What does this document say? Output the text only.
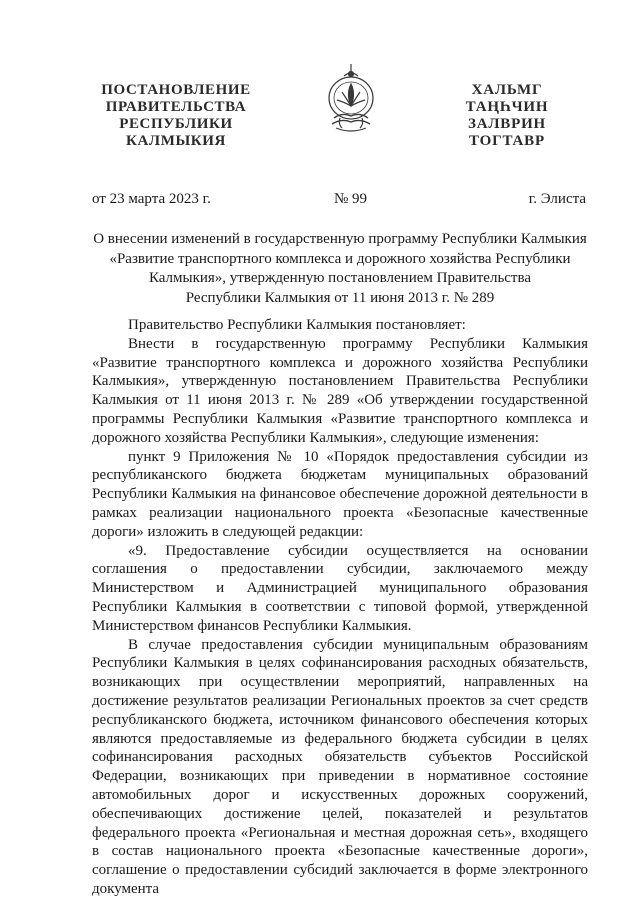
ПОСТАНОВЛЕНИЕ
ПРАВИТЕЛЬСТВА
РЕСПУБЛИКИ
КАЛМЫКИЯ
ХАЛЬМГ
ТАҢҺЧИН
ЗАЛВРИН
ТОГТАВР
от 23 марта 2023 г.	№ 99	г. Элиста
О внесении изменений в государственную программу Республики Калмыкия
«Развитие транспортного комплекса и дорожного хозяйства Республики
Калмыкия», утвержденную постановлением Правительства
Республики Калмыкия от 11 июня 2013 г. № 289

Правительство Республики Калмыкия постановляет:

Внести в государственную программу Республики Калмыкия «Развитие транспортного комплекса и дорожного хозяйства Республики Калмыкия», утвержденную постановлением Правительства Республики Калмыкия от 11 июня 2013 г. № 289 «Об утверждении государственной программы Республики Калмыкия «Развитие транспортного комплекса и дорожного хозяйства Республики Калмыкия», следующие изменения:

пункт 9 Приложения № 10 «Порядок предоставления субсидии из республиканского бюджета бюджетам муниципальных образований Республики Калмыкия на финансовое обеспечение дорожной деятельности в рамках реализации национального проекта «Безопасные качественные дороги» изложить в следующей редакции:

«9. Предоставление субсидии осуществляется на основании соглашения о предоставлении субсидии, заключаемого между Министерством и Администрацией муниципального образования Республики Калмыкия в соответствии с типовой формой, утвержденной Министерством финансов Республики Калмыкия.

В случае предоставления субсидии муниципальным образованиям Республики Калмыкия в целях софинансирования расходных обязательств, возникающих при осуществлении мероприятий, направленных на достижение результатов реализации Региональных проектов за счет средств республиканского бюджета, источником финансового обеспечения которых являются предоставляемые из федерального бюджета субсидии в целях софинансирования расходных обязательств субъектов Российской Федерации, возникающих при приведении в нормативное состояние автомобильных дорог и искусственных дорожных сооружений, обеспечивающих достижение целей, показателей и результатов федерального проекта «Региональная и местная дорожная сеть», входящего в состав национального проекта «Безопасные качественные дороги», соглашение о предоставлении субсидий заключается в форме электронного документа
